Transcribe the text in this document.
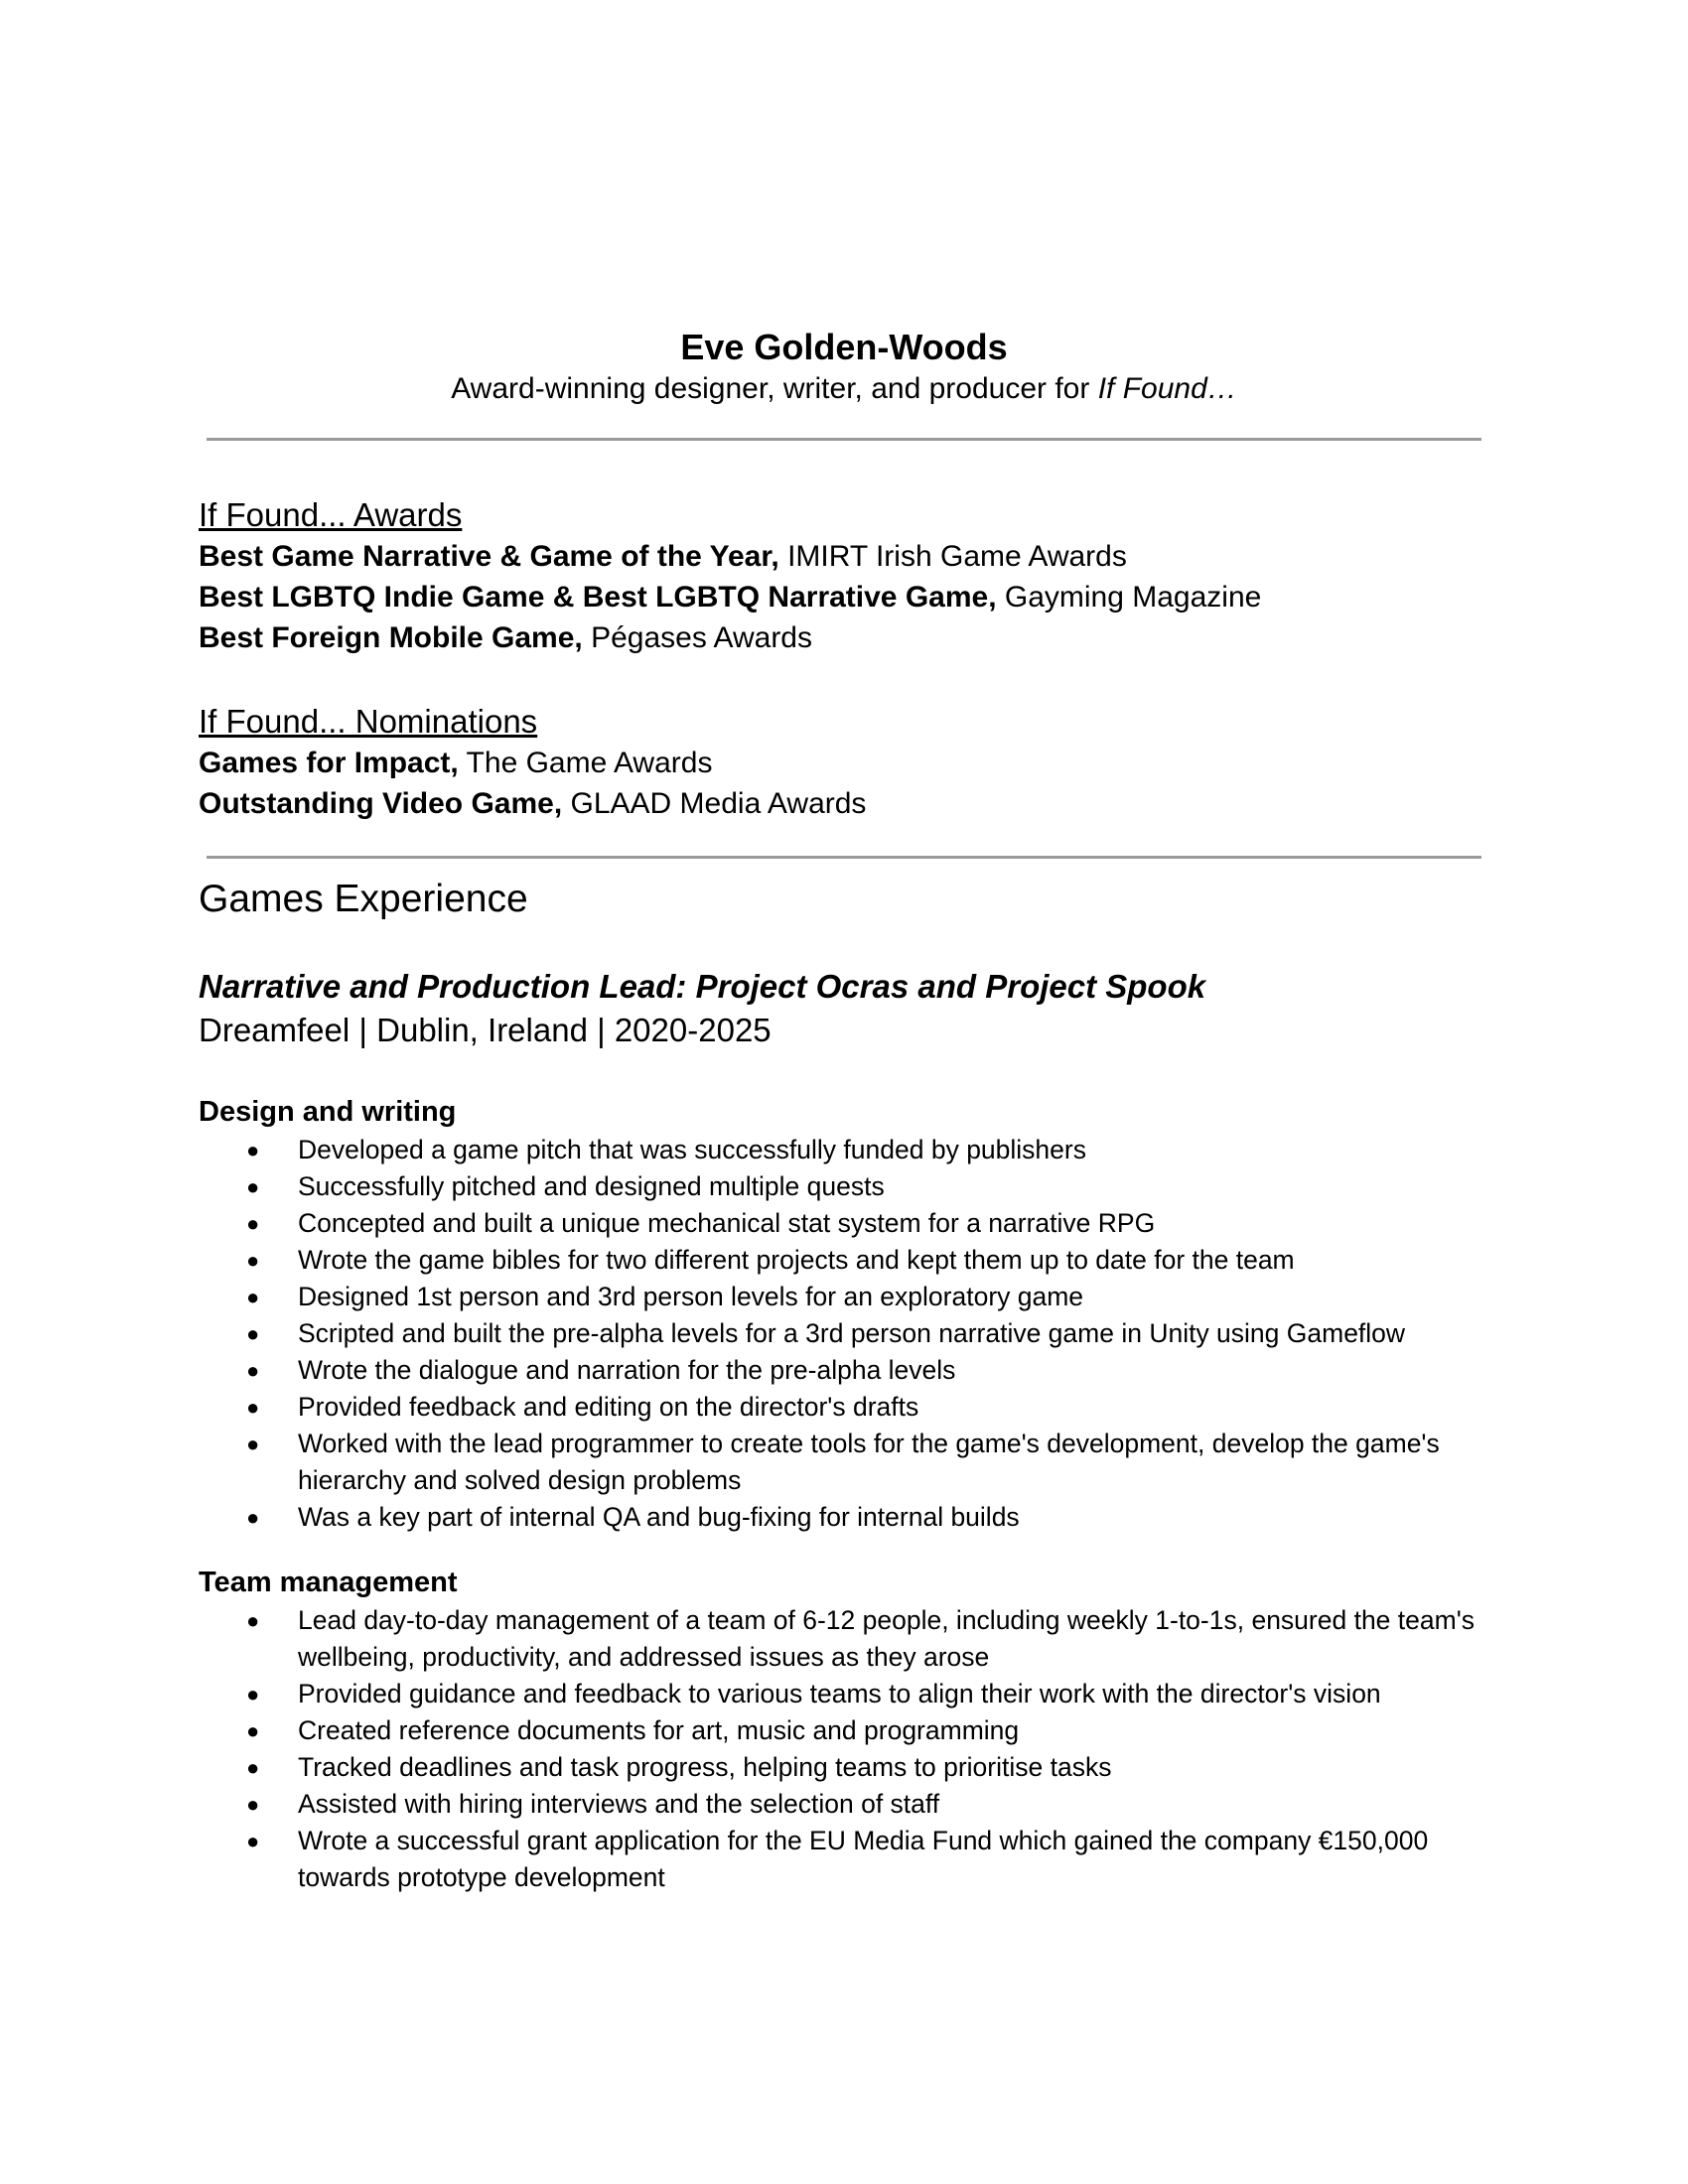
Eve Golden-Woods

Award-winning designer, writer, and producer for If Found…

If Found... Awards

Best Game Narrative & Game of the Year, IMIRT Irish Game Awards

Best LGBTQ Indie Game & Best LGBTQ Narrative Game, Gayming Magazine

Best Foreign Mobile Game, Pégases Awards

If Found... Nominations

Games for Impact, The Game Awards

Outstanding Video Game, GLAAD Media Awards

Games Experience

Narrative and Production Lead: Project Ocras and Project Spook

Dreamfeel | Dublin, Ireland | 2020-2025

Design and writing

● Developed a game pitch that was successfully funded by publishers
● Successfully pitched and designed multiple quests
● Concepted and built a unique mechanical stat system for a narrative RPG
● Wrote the game bibles for two different projects and kept them up to date for the team
● Designed 1st person and 3rd person levels for an exploratory game
● Scripted and built the pre-alpha levels for a 3rd person narrative game in Unity using Gameflow
● Wrote the dialogue and narration for the pre-alpha levels
● Provided feedback and editing on the director's drafts
● Worked with the lead programmer to create tools for the game's development, develop the game's hierarchy and solved design problems
● Was a key part of internal QA and bug-fixing for internal builds

Team management

● Lead day-to-day management of a team of 6-12 people, including weekly 1-to-1s, ensured the team's wellbeing, productivity, and addressed issues as they arose
● Provided guidance and feedback to various teams to align their work with the director's vision
● Created reference documents for art, music and programming
● Tracked deadlines and task progress, helping teams to prioritise tasks
● Assisted with hiring interviews and the selection of staff
● Wrote a successful grant application for the EU Media Fund which gained the company €150,000 towards prototype development
